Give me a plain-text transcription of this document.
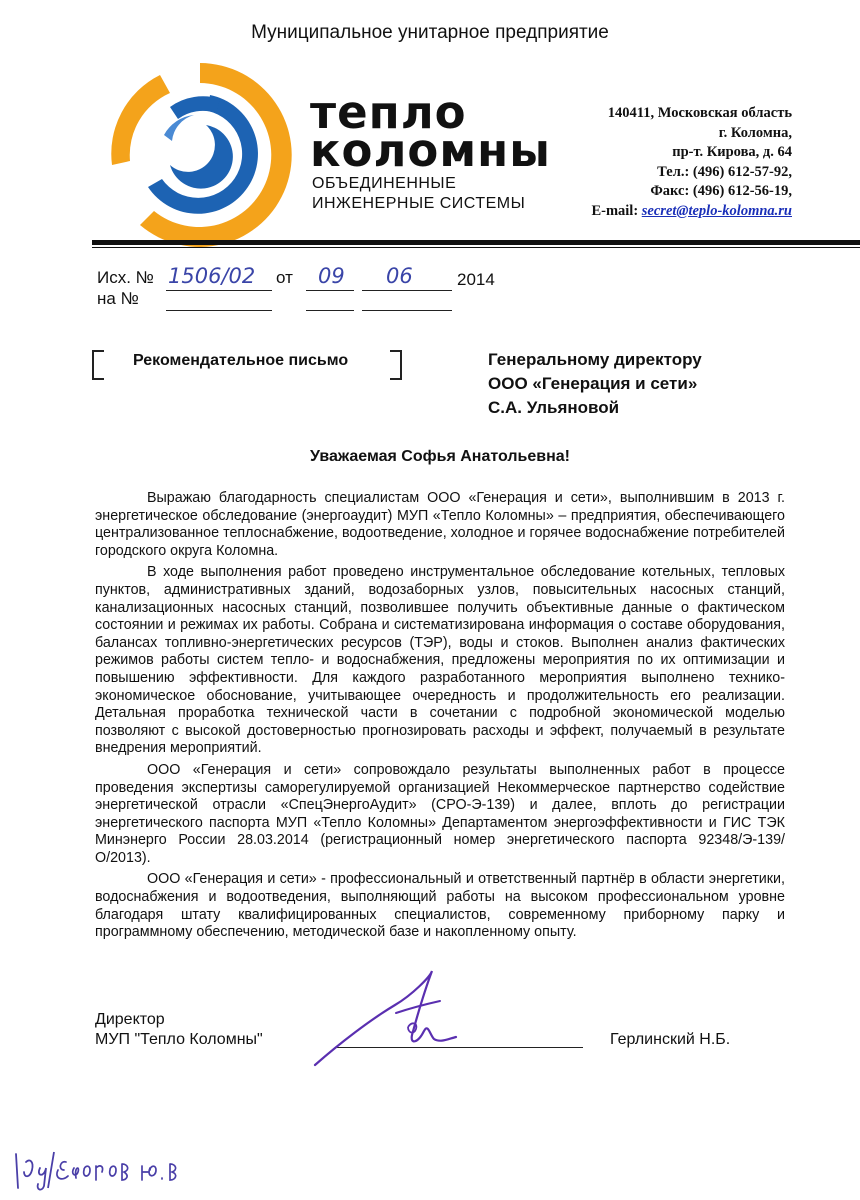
Муниципальное унитарное предприятие
тепло
коломны
ОБЪЕДИНЕННЫЕ
ИНЖЕНЕРНЫЕ СИСТЕМЫ
140411, Московская область
г. Коломна,
пр-т. Кирова, д. 64
Тел.: (496) 612-57-92,
Факс: (496) 612-56-19,
E-mail: secret@teplo-kolomna.ru
Исх. № 1506/02 от 09 06	2014
на №
Рекомендательное письмо	Генеральному директору
ООО «Генерация и сети»
С.А. Ульяновой
Уважаемая Софья Анатольевна!

Выражаю благодарность специалистам ООО «Генерация и сети», выполнившим в 2013 г. энергетическое обследование (энергоаудит) МУП «Тепло Коломны» – предприятия, обеспечивающего централизованное теплоснабжение, водоотведение, холодное и горячее водоснабжение потребителей городского округа Коломна.

В ходе выполнения работ проведено инструментальное обследование котельных, тепловых пунктов, административных зданий, водозаборных узлов, повысительных насосных станций, канализационных насосных станций, позволившее получить объективные данные о фактическом состоянии и режимах их работы. Собрана и систематизирована информация о составе оборудования, балансах топливно-энергетических ресурсов (ТЭР), воды и стоков. Выполнен анализ фактических режимов работы систем тепло- и водоснабжения, предложены мероприятия по их оптимизации и повышению эффективности. Для каждого разработанного мероприятия выполнено технико-экономическое обоснование, учитывающее очередность и продолжительность его реализации. Детальная проработка технической части в сочетании с подробной экономической моделью позволяют с высокой достоверностью прогнозировать расходы и эффект, получаемый в результате внедрения мероприятий.

ООО «Генерация и сети» сопровождало результаты выполненных работ в процессе проведения экспертизы саморегулируемой организацией Некоммерческое партнерство содействие энергетической отрасли «СпецЭнергоАудит» (СРО-Э-139) и далее, вплоть до регистрации энергетического паспорта МУП «Тепло Коломны» Департаментом энергоэффективности и ГИС ТЭК Минэнерго России 28.03.2014 (регистрационный номер энергетического паспорта 92348/Э-139/О/2013).

ООО «Генерация и сети» - профессиональный и ответственный партнёр в области энергетики, водоснабжения и водоотведения, выполняющий работы на высоком профессиональном уровне благодаря штату квалифицированных специалистов, современному приборному парку и программному обеспечению, методической базе и накопленному опыту.

Директор
МУП "Тепло Коломны"	Герлинский Н.Б.
